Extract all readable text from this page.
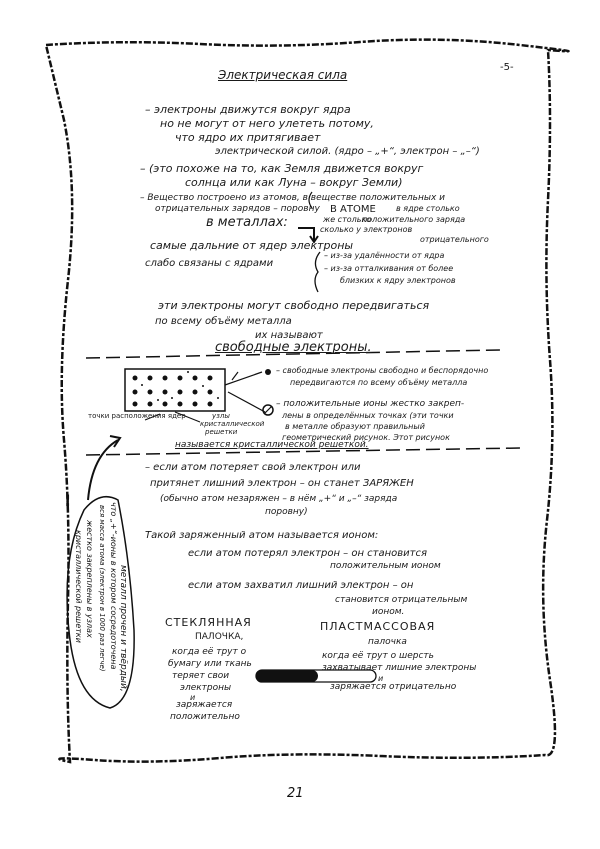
-5-
Электрическая сила
– электроны движутся вокруг ядра
но не могут от него улететь потому,
что ядро их притягивает
электрической силой. (ядро – „+“, электрон – „–“)
– (это похоже на то, как Земля движется вокруг
солнца или как Луна – вокруг Земли)
– Вещество построено из атомов, в веществе положительных и
отрицательных зарядов – поровну В АТОМЕ	в ядре столько
же столько
положительного заряда
сколько у электронов
отрицательного
в металлах:
самые дальние от ядер электроны
слабо связаны с ядрами
– из-за удалённости от ядра
– из-за отталкивания от более
близких к ядру электронов
эти электроны могут свободно передвигаться
по всему объёму металла
их называют
свободные электроны.
точки расположения ядер	узлы
кристаллической
решетки
– свободные электроны свободно и беспорядочно
передвигаются по всему объёму металла
– положительные ионы жестко закреп-
лены в определённых точках (эти точки
в металле образуют правильный
геометрический рисунок. Этот рисунок
называется кристаллической решеткой.
– если атом потеряет свой электрон или
притянет лишний электрон – он станет ЗАРЯЖЕН
(обычно атом незаряжен – в нём „+“ и „–“ заряда
поровну)
Такой заряженный атом называется ионом:
если атом потерял электрон – он становится
положительным ионом
если атом захватил лишний электрон – он
становится отрицательным
ионом.
СТЕКЛЯННАЯ
ПАЛОЧКА,
когда её трут о
бумагу или ткань
теряет свои
электроны
и
заряжается
положительно
ПЛАСТМАССОВАЯ
палочка
когда её трут о шерсть
захватывает лишние электроны
и
заряжается отрицательно
!
металл прочен и твёрдый,
что „+“-ионы в котором сосредоточена
вся масса атома (электрон в 1000 раз легче)
жестко закреплены в узлах
кристаллической решетки
21
